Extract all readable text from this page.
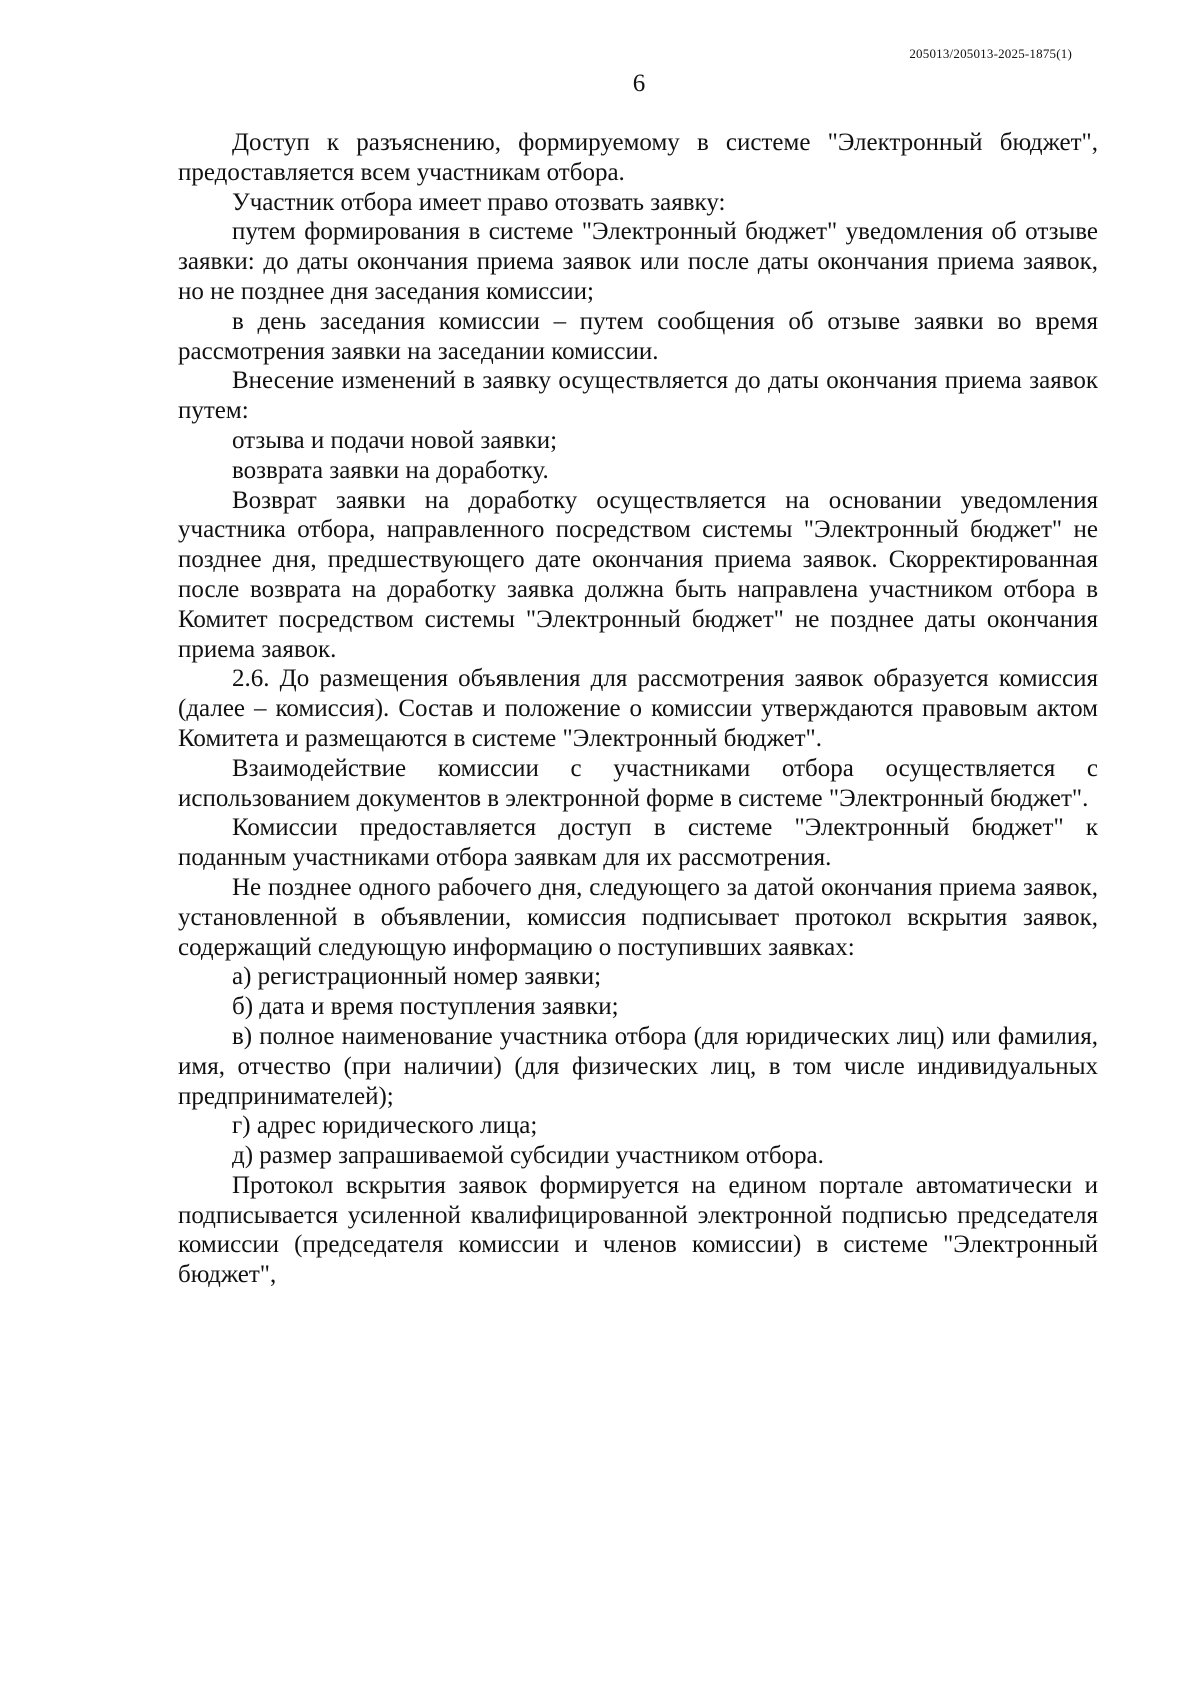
205013/205013-2025-1875(1)
6

Доступ к разъяснению, формируемому в системе "Электронный бюджет", предоставляется всем участникам отбора.

Участник отбора имеет право отозвать заявку:

путем формирования в системе "Электронный бюджет" уведомления об отзыве заявки: до даты окончания приема заявок или после даты окончания приема заявок, но не позднее дня заседания комиссии;

в день заседания комиссии – путем сообщения об отзыве заявки во время рассмотрения заявки на заседании комиссии.

Внесение изменений в заявку осуществляется до даты окончания приема заявок путем:

отзыва и подачи новой заявки;

возврата заявки на доработку.

Возврат заявки на доработку осуществляется на основании уведомления участника отбора, направленного посредством системы "Электронный бюджет" не позднее дня, предшествующего дате окончания приема заявок. Скорректированная после возврата на доработку заявка должна быть направлена участником отбора в Комитет посредством системы "Электронный бюджет" не позднее даты окончания приема заявок.

2.6. До размещения объявления для рассмотрения заявок образуется комиссия (далее – комиссия). Состав и положение о комиссии утверждаются правовым актом Комитета и размещаются в системе "Электронный бюджет".

Взаимодействие комиссии с участниками отбора осуществляется с использованием документов в электронной форме в системе "Электронный бюджет".

Комиссии предоставляется доступ в системе "Электронный бюджет" к поданным участниками отбора заявкам для их рассмотрения.

Не позднее одного рабочего дня, следующего за датой окончания приема заявок, установленной в объявлении, комиссия подписывает протокол вскрытия заявок, содержащий следующую информацию о поступивших заявках:

а) регистрационный номер заявки;

б) дата и время поступления заявки;

в) полное наименование участника отбора (для юридических лиц) или фамилия, имя, отчество (при наличии) (для физических лиц, в том числе индивидуальных предпринимателей);

г) адрес юридического лица;

д) размер запрашиваемой субсидии участником отбора.

Протокол вскрытия заявок формируется на едином портале автоматически и подписывается усиленной квалифицированной электронной подписью председателя комиссии (председателя комиссии и членов комиссии) в системе "Электронный бюджет",
